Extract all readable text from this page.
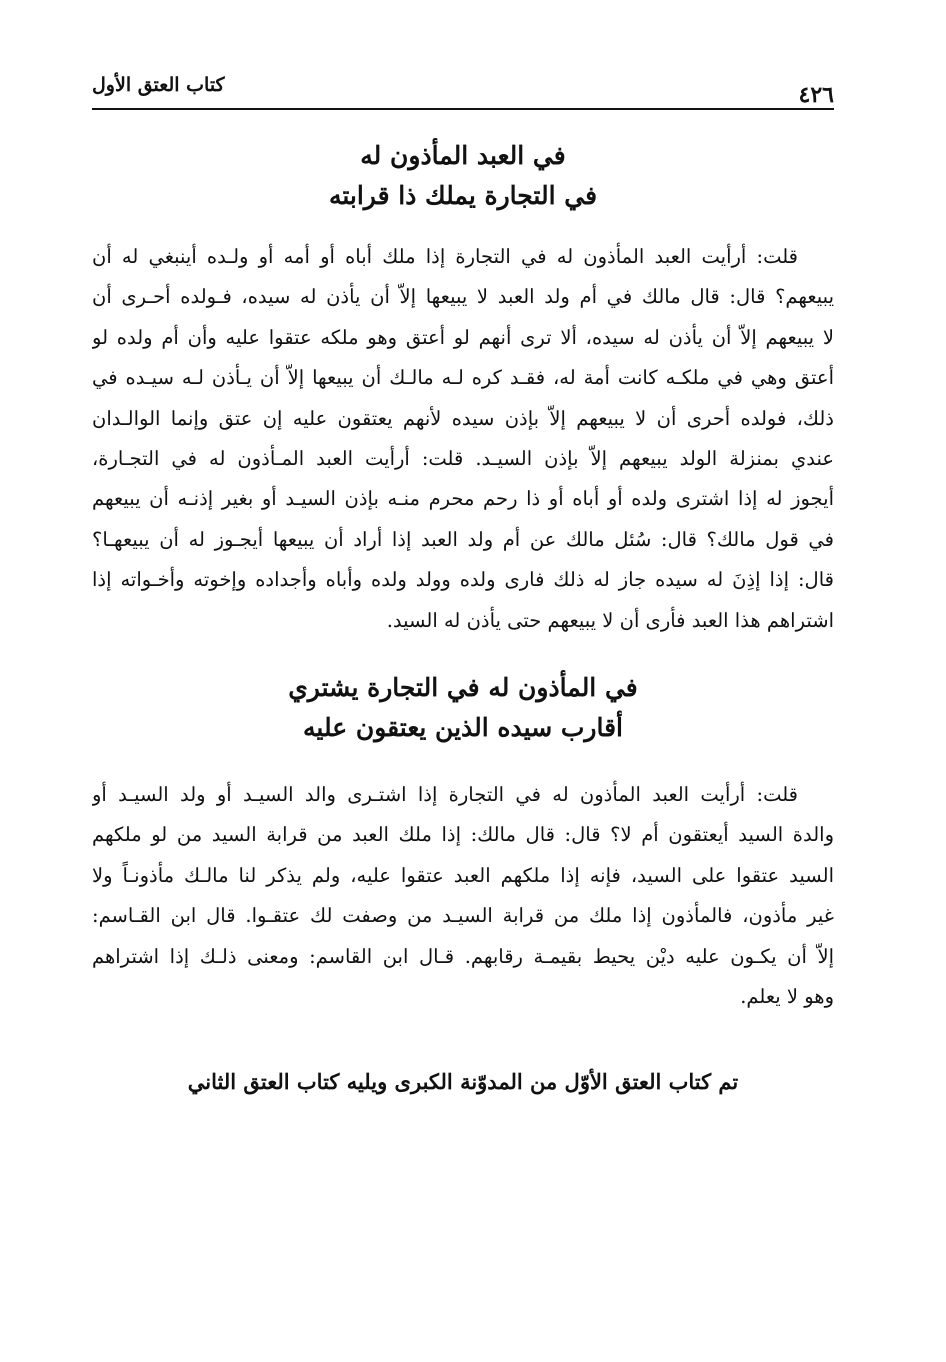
٤٢٦
كتاب العتق الأول
في العبد المأذون له
في التجارة يملك ذا قرابته
قلت: أرأيت العبد المأذون له في التجارة إذا ملك أباه أو أمه أو ولـده أينبغي له أن
يبيعهم؟ قال: قال مالك في أم ولد العبد لا يبيعها إلاّ أن يأذن له سيده، فـولده أحـرى أن
لا يبيعهم إلاّ أن يأذن له سيده، ألا ترى أنهم لو أعتق وهو ملكه عتقوا عليه وأن أم ولده لو
أعتق وهي في ملكـه كانت أمة له، فقـد كره لـه مالـك أن يبيعها إلاّ أن يـأذن لـه سيـده في
ذلك، فولده أحرى أن لا يبيعهم إلاّ بإذن سيده لأنهم يعتقون عليه إن عتق وإنما الوالـدان
عندي بمنزلة الولد يبيعهم إلاّ بإذن السيـد. قلت: أرأيت العبد المـأذون له في التجـارة،
أيجوز له إذا اشترى ولده أو أباه أو ذا رحم محرم منـه بإذن السيـد أو بغير إذنـه أن يبيعهم
في قول مالك؟ قال: سُئل مالك عن أم ولد العبد إذا أراد أن يبيعها أيجـوز له أن يبيعهـا؟
قال: إذا إذِنَ له سيده جاز له ذلك فارى ولده وولد ولده وأباه وأجداده وإخوته وأخـواته إذا
اشتراهم هذا العبد فأرى أن لا يبيعهم حتى يأذن له السيد.
في المأذون له في التجارة يشتري
أقارب سيده الذين يعتقون عليه
قلت: أرأيت العبد المأذون له في التجارة إذا اشتـرى والد السيـد أو ولد السيـد أو
والدة السيد أيعتقون أم لا؟ قال: قال مالك: إذا ملك العبد من قرابة السيد من لو ملكهم
السيد عتقوا على السيد، فإنه إذا ملكهم العبد عتقوا عليه، ولم يذكر لنا مالـك مأذونـاً ولا
غير مأذون، فالمأذون إذا ملك من قرابة السيـد من وصفت لك عتقـوا. قال ابن القـاسم:
إلاّ أن يكـون عليه ديْن يحيط بقيمـة رقابهم. قـال ابن القاسم: ومعنى ذلـك إذا اشتراهم
وهو لا يعلم.
تم كتاب العتق الأوّل من المدوّنة الكبرى ويليه كتاب العتق الثاني
